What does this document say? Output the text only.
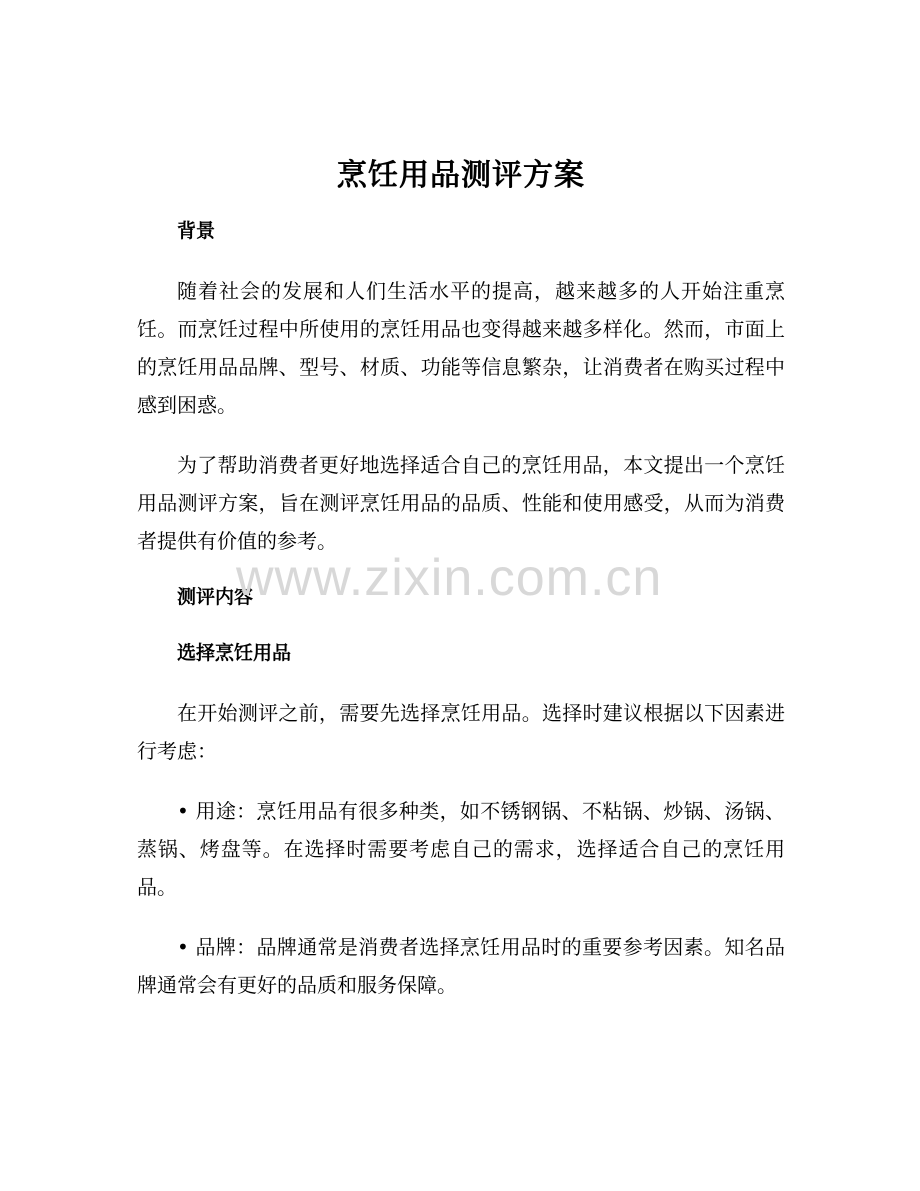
烹饪用品测评方案
背景

随着社会的发展和人们生活水平的提高，越来越多的人开始注重烹饪。而烹饪过程中所使用的烹饪用品也变得越来越多样化。然而，市面上的烹饪用品品牌、型号、材质、功能等信息繁杂，让消费者在购买过程中感到困惑。

为了帮助消费者更好地选择适合自己的烹饪用品，本文提出一个烹饪用品测评方案，旨在测评烹饪用品的品质、性能和使用感受，从而为消费者提供有价值的参考。

测评内容
选择烹饪用品

在开始测评之前，需要先选择烹饪用品。选择时建议根据以下因素进行考虑：

• 用途：烹饪用品有很多种类，如不锈钢锅、不粘锅、炒锅、汤锅、蒸锅、烤盘等。在选择时需要考虑自己的需求，选择适合自己的烹饪用品。

• 品牌：品牌通常是消费者选择烹饪用品时的重要参考因素。知名品牌通常会有更好的品质和服务保障。

www.zixin.com.cn
